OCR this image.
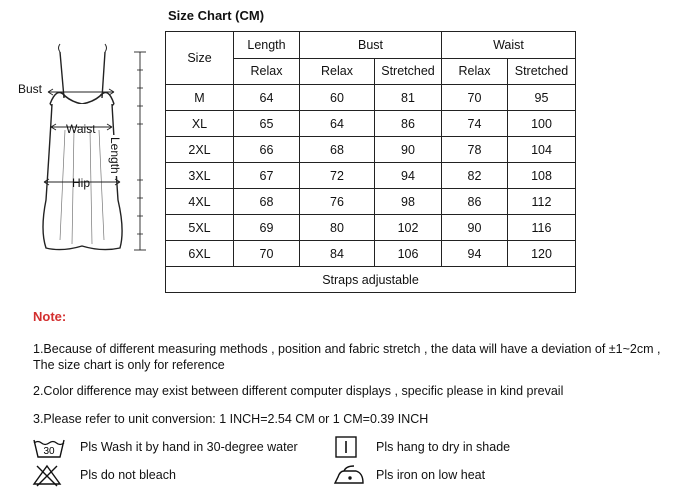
Bust
Waist
Hip
Length
Size Chart (CM)
Size	Length	Bust		Waist	
	Relax	Relax	Stretched	Relax	Stretched
M	64	60	81	70	95
XL	65	64	86	74	100
2XL	66	68	90	78	104
3XL	67	72	94	82	108
4XL	68	76	98	86	112
5XL	69	80	102	90	116
6XL	70	84	106	94	120
Straps adjustable					
Note:
1.Because of different measuring methods , position and fabric stretch , the data will have a deviation of ±1~2cm ,
The size chart is only for reference
2.Color difference may exist between different computer displays , specific please in kind prevail
3.Please refer to unit conversion: 1 INCH=2.54 CM or 1 CM=0.39 INCH
30 Pls Wash it by hand in 30-degree water	Pls hang to dry in shade
Pls do not bleach	Pls iron on low heat
